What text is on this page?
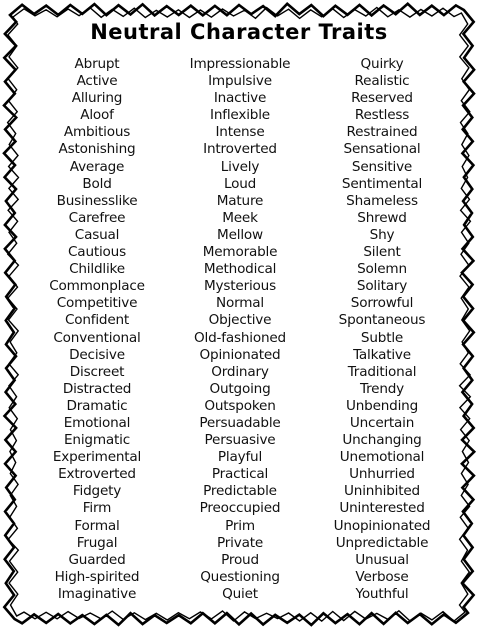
Neutral Character Traits
Abrupt
Active
Alluring
Aloof
Ambitious
Astonishing
Average
Bold
Businesslike
Carefree
Casual
Cautious
Childlike
Commonplace
Competitive
Confident
Conventional
Decisive
Discreet
Distracted
Dramatic
Emotional
Enigmatic
Experimental
Extroverted
Fidgety
Firm
Formal
Frugal
Guarded
High-spirited
Imaginative
Impressionable
Impulsive
Inactive
Inflexible
Intense
Introverted
Lively
Loud
Mature
Meek
Mellow
Memorable
Methodical
Mysterious
Normal
Objective
Old-fashioned
Opinionated
Ordinary
Outgoing
Outspoken
Persuadable
Persuasive
Playful
Practical
Predictable
Preoccupied
Prim
Private
Proud
Questioning
Quiet
Quirky
Realistic
Reserved
Restless
Restrained
Sensational
Sensitive
Sentimental
Shameless
Shrewd
Shy
Silent
Solemn
Solitary
Sorrowful
Spontaneous
Subtle
Talkative
Traditional
Trendy
Unbending
Uncertain
Unchanging
Unemotional
Unhurried
Uninhibited
Uninterested
Unopinionated
Unpredictable
Unusual
Verbose
Youthful
